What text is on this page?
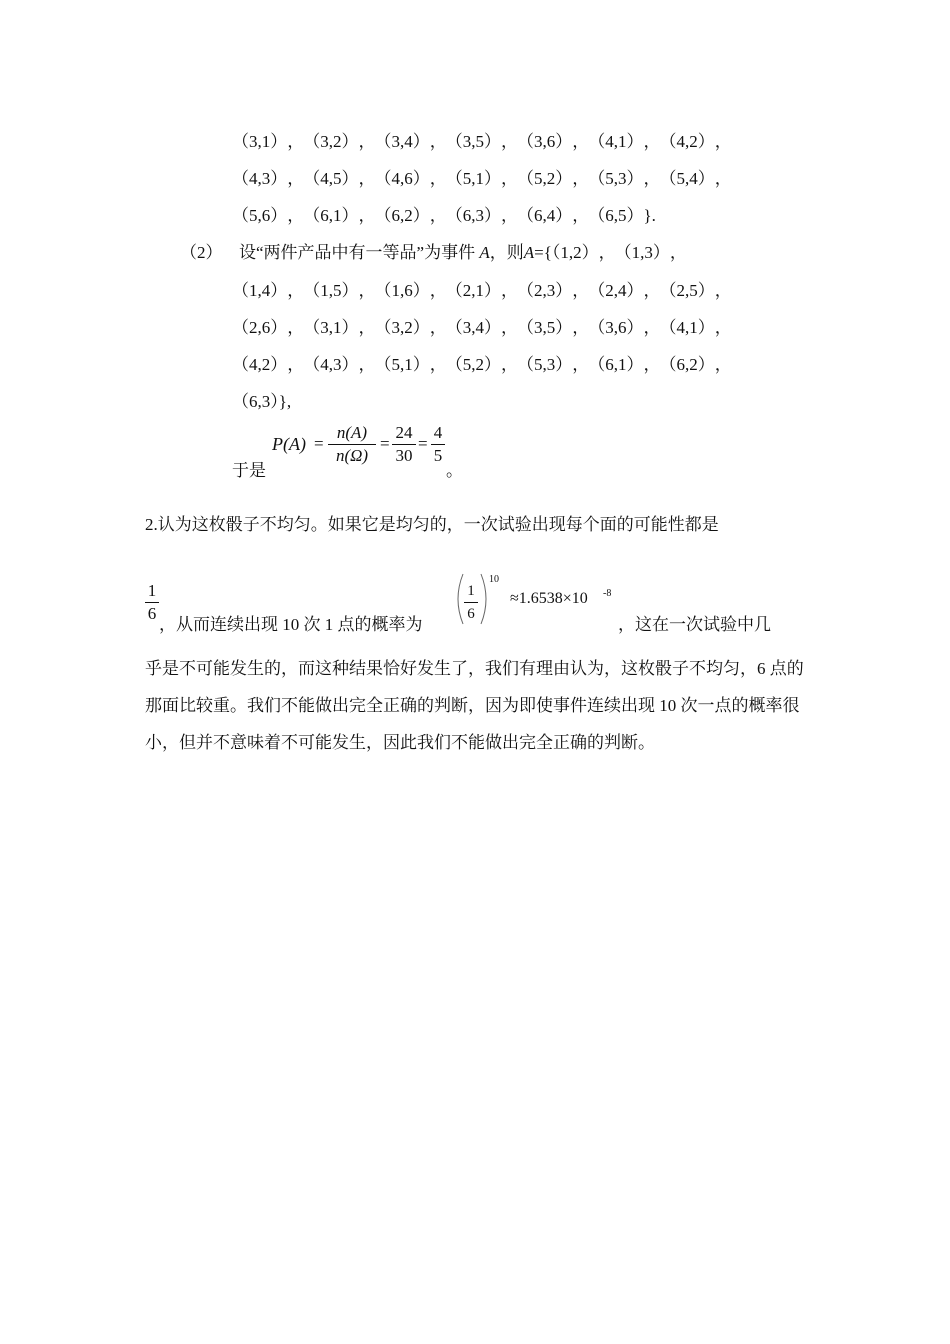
（3,1），（3,2），（3,4），（3,5），（3,6），（4,1），（4,2），
（4,3），（4,5），（4,6），（5,1），（5,2），（5,3），（5,4），
（5,6），（6,1），（6,2），（6,3），（6,4），（6,5）}.
（2） 设“两件产品中有一等品”为事件 A，则A={（1,2），（1,3），
（1,4），（1,5），（1,6），（2,1），（2,3），（2,4），（2,5），
（2,6），（3,1），（3,2），（3,4），（3,5），（3,6），（4,1），
（4,2），（4,3），（5,1），（5,2），（5,3），（6,1），（6,2），
（6,3）},
于是
P(A) =
n(A)
n(Ω)
=
24
30
=
4
5
。
2.认为这枚骰子不均匀。如果它是均匀的，一次试验出现每个面的可能性都是
1
6
，从而连续出现 10 次 1 点的概率为
1
6
10
≈1.6538×10 -8
，这在一次试验中几
乎是不可能发生的，而这种结果恰好发生了，我们有理由认为，这枚骰子不均匀，6 点的那面比较重。我们不能做出完全正确的判断，因为即使事件连续出现 10 次一点的概率很小，但并不意味着不可能发生，因此我们不能做出完全正确的判断。
